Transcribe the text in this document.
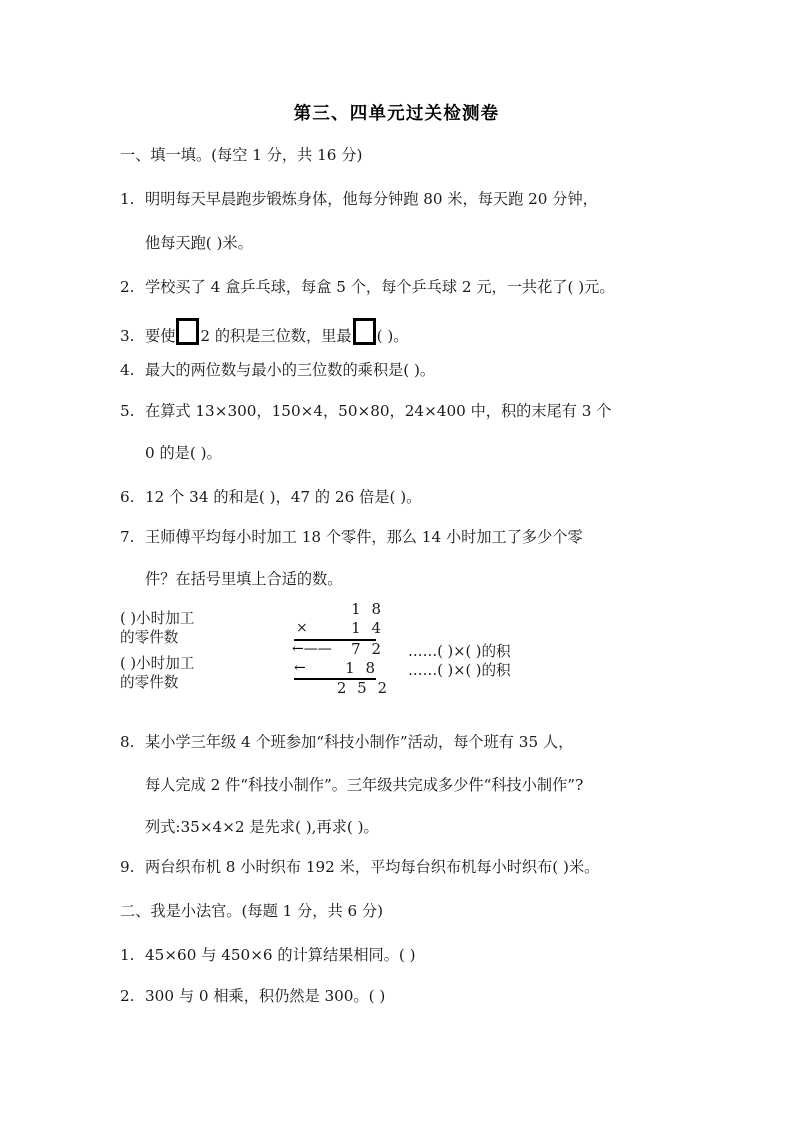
第三、四单元过关检测卷
一、填一填。(每空 1 分，共 16 分)
1. 明明每天早晨跑步锻炼身体，他每分钟跑 80 米，每天跑 20 分钟，
他每天跑( )米。
2. 学校买了 4 盒乒乓球，每盒 5 个，每个乒乓球 2 元，一共花了( )元。
3. 要使 2 的积是三位数，里最 ( )。
4. 最大的两位数与最小的三位数的乘积是( )。
5. 在算式 13×300，150×4，50×80，24×400 中，积的末尾有 3 个
0 的是( )。
6. 12 个 34 的和是( )，47 的 26 倍是( )。
7. 王师傅平均每小时加工 18 个零件，那么 14 小时加工了多少个零
件？在括号里填上合适的数。
( )小时加工
的零件数
( )小时加工
的零件数
1 8
×	1 4
←—— 7 2
←	1 8
2 5 2
……( )×( )的积
……( )×( )的积
8. 某小学三年级 4 个班参加“科技小制作”活动，每个班有 35 人，
每人完成 2 件“科技小制作”。三年级共完成多少件“科技小制作”?
列式:35×4×2 是先求( ),再求( )。
9. 两台织布机 8 小时织布 192 米，平均每台织布机每小时织布( )米。
二、我是小法官。(每题 1 分，共 6 分)
1. 45×60 与 450×6 的计算结果相同。( )
2. 300 与 0 相乘，积仍然是 300。( )
